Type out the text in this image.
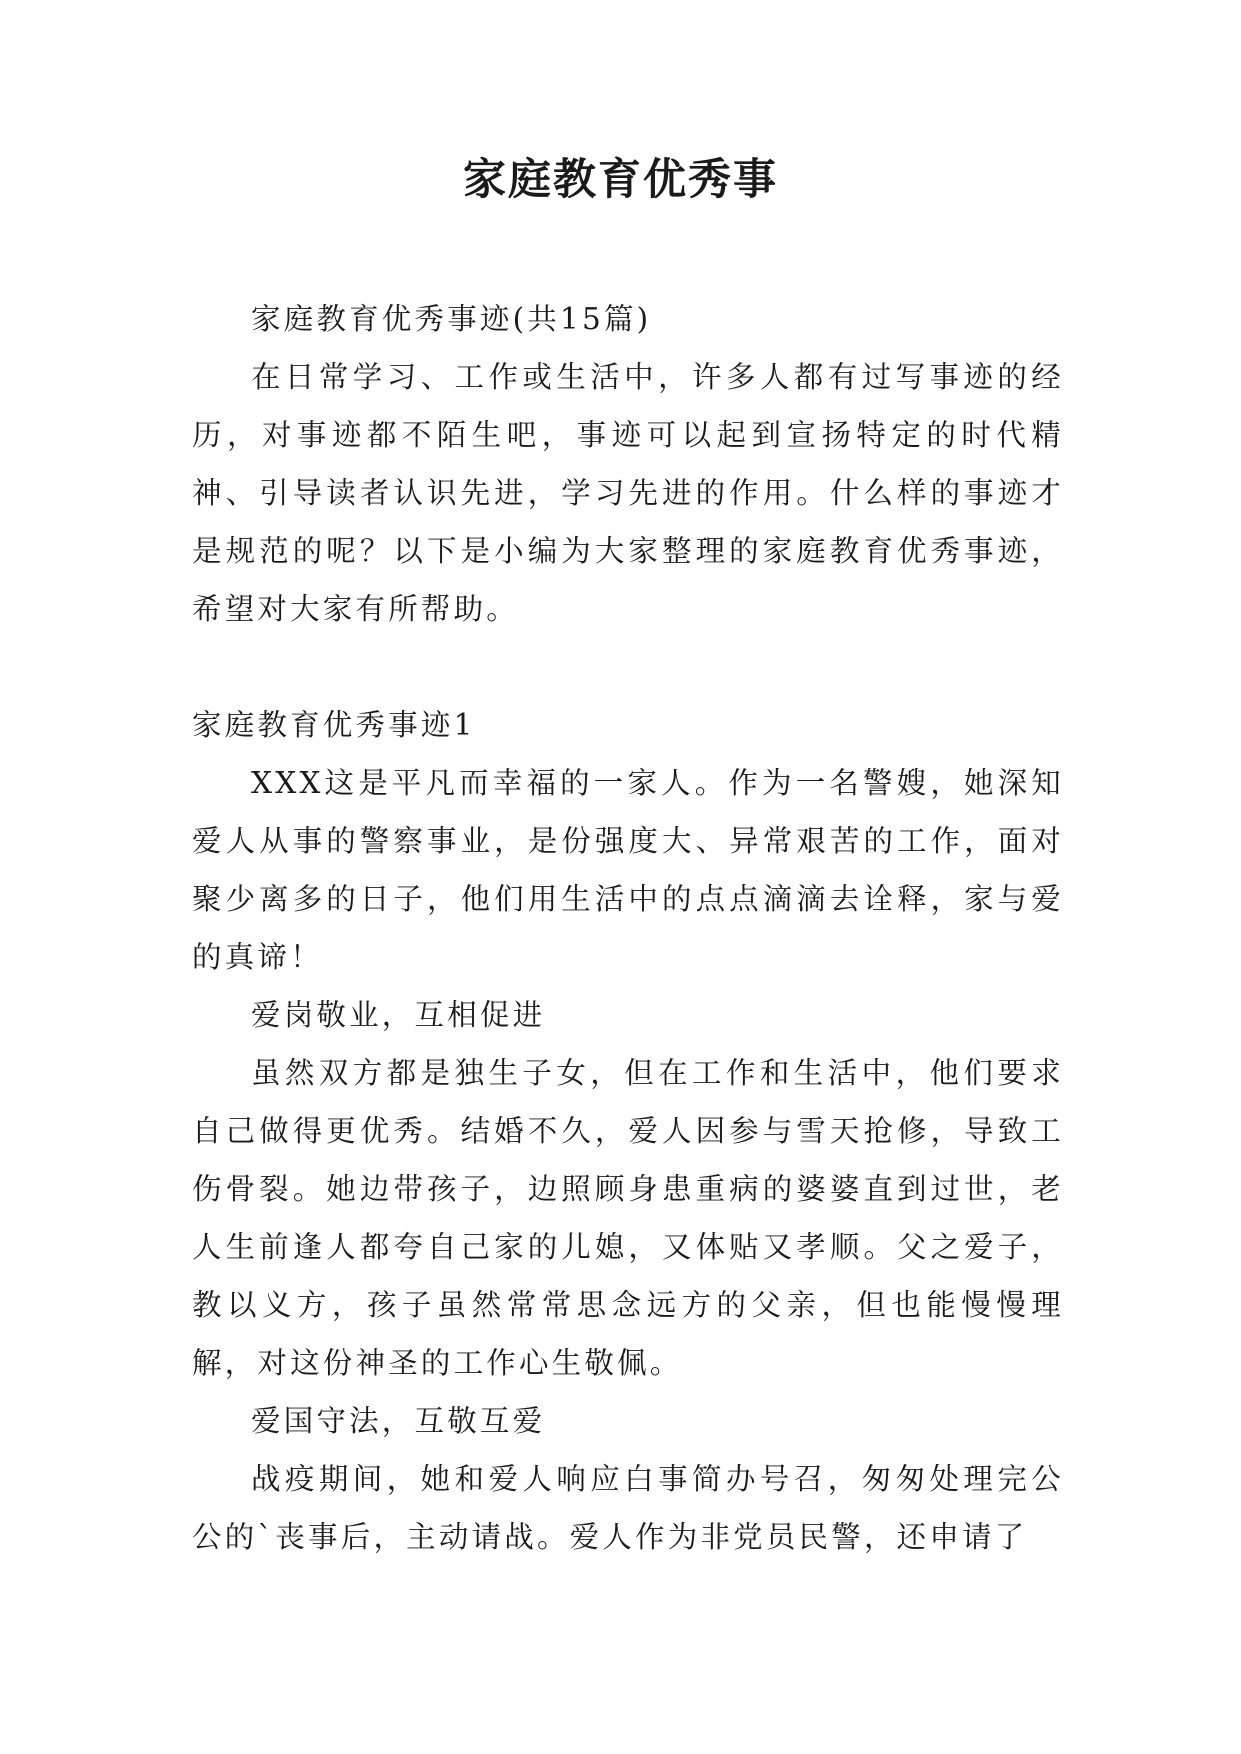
家庭教育优秀事

家庭教育优秀事迹(共15篇)

在日常学习、工作或生活中，许多人都有过写事迹的经历，对事迹都不陌生吧，事迹可以起到宣扬特定的时代精神、引导读者认识先进，学习先进的作用。什么样的事迹才是规范的呢？以下是小编为大家整理的家庭教育优秀事迹，希望对大家有所帮助。

家庭教育优秀事迹1

XXX这是平凡而幸福的一家人。作为一名警嫂，她深知爱人从事的警察事业，是份强度大、异常艰苦的工作，面对聚少离多的日子，他们用生活中的点点滴滴去诠释，家与爱的真谛！

爱岗敬业，互相促进

虽然双方都是独生子女，但在工作和生活中，他们要求自己做得更优秀。结婚不久，爱人因参与雪天抢修，导致工伤骨裂。她边带孩子，边照顾身患重病的婆婆直到过世，老人生前逢人都夸自己家的儿媳，又体贴又孝顺。父之爱子，教以义方，孩子虽然常常思念远方的父亲，但也能慢慢理解，对这份神圣的工作心生敬佩。

爱国守法，互敬互爱

战疫期间，她和爱人响应白事简办号召，匆匆处理完公公的`丧事后，主动请战。爱人作为非党员民警，还申请了
